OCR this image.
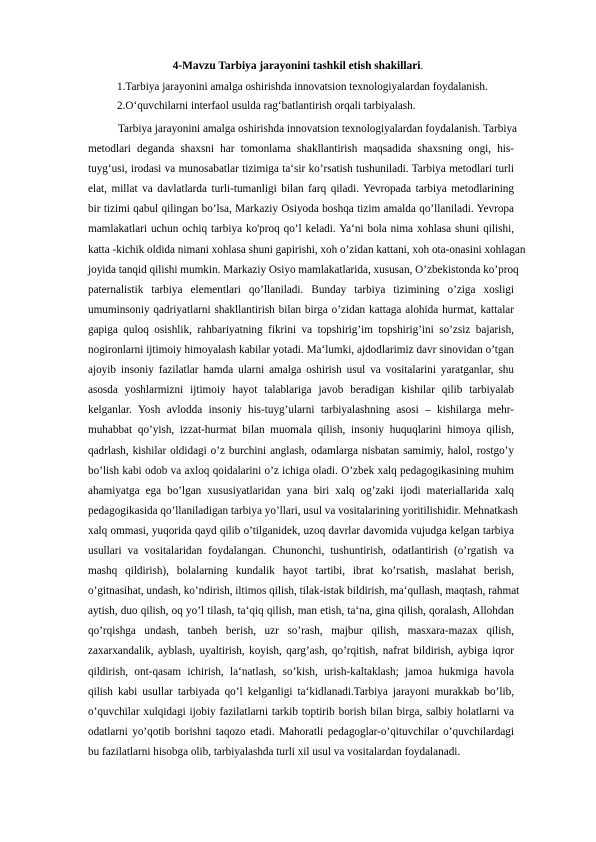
4-Mavzu Tarbiya jarayonini tashkil etish shakillari.
1.Tarbiya jarayonini amalga oshirishda innovatsion texnologiyalardan foydalanish.
2.O‘quvchilarni interfaol usulda rag‘batlantirish orqali tarbiyalash.
Tarbiya jarayonini amalga oshirishda innovatsion texnologiyalardan foydalanish. Tarbiya
metodlari deganda shaxsni har tomonlama shakllantirish maqsadida shaxsning ongi, his-
tuyg‘usi, irodasi va munosabatlar tizimiga ta‘sir ko’rsatish tushuniladi. Tarbiya metodlari turli
elat, millat va davlatlarda turli-tumanligi bilan farq qiladi. Yevropada tarbiya metodlarining
bir tizimi qabul qilingan bo’lsa, Markaziy Osiyoda boshqa tizim amalda qo’llaniladi. Yevropa
mamlakatlari uchun ochiq tarbiya ko'proq qo’l keladi. Ya‘ni bola nima xohlasa shuni qilishi,
katta -kichik oldida nimani xohlasa shuni gapirishi, xoh o’zidan kattani, xoh ota-onasini xohlagan
joyida tanqid qilishi mumkin. Markaziy Osiyo mamlakatlarida, xususan, O’zbekistonda ko’proq
paternalistik tarbiya elementlari qo’llaniladi. Bunday tarbiya tizimining o’ziga xosligi
umuminsoniy qadriyatlarni shakllantirish bilan birga o’zidan kattaga alohida hurmat, kattalar
gapiga quloq osishlik, rahbariyatning fikrini va topshirig’im topshirig’ini so’zsiz bajarish,
nogironlarni ijtimoiy himoyalash kabilar yotadi. Ma‘lumki, ajdodlarimiz davr sinovidan o’tgan
ajoyib insoniy fazilatlar hamda ularni amalga oshirish usul va vositalarini yaratganlar, shu
asosda yoshlarmizni ijtimoiy hayot talablariga javob beradigan kishilar qilib tarbiyalab
kelganlar. Yosh avlodda insoniy his-tuyg’ularni tarbiyalashning asosi – kishilarga mehr-
muhabbat qo’yish, izzat-hurmat bilan muomala qilish, insoniy huquqlarini himoya qilish,
qadrlash, kishilar oldidagi o’z burchini anglash, odamlarga nisbatan samimiy, halol, rostgo’y
bo’lish kabi odob va axloq qoidalarini o’z ichiga oladi. O’zbek xalq pedagogikasining muhim
ahamiyatga ega bo’lgan xususiyatlaridan yana biri xalq og’zaki ijodi materiallarida xalq
pedagogikasida qo’llaniladigan tarbiya yo’llari, usul va vositalarining yoritilishidir. Mehnatkash
xalq ommasi, yuqorida qayd qilib o’tilganidek, uzoq davrlar davomida vujudga kelgan tarbiya
usullari va vositalaridan foydalangan. Chunonchi, tushuntirish, odatlantirish (o’rgatish va
mashq qildirish), bolalarning kundalik hayot tartibi, ibrat ko’rsatish, maslahat berish,
o’gitnasihat, undash, ko’ndirish, iltimos qilish, tilak-istak bildirish, ma‘qullash, maqtash, rahmat
aytish, duo qilish, oq yo’l tilash, ta‘qiq qilish, man etish, ta‘na, gina qilish, qoralash, Allohdan
qo’rqishga undash, tanbeh berish, uzr so’rash, majbur qilish, masxara-mazax qilish,
zaxarxandalik, ayblash, uyaltirish, koyish, qarg’ash, qo’rqitish, nafrat bildirish, aybiga iqror
qildirish, ont-qasam ichirish, la‘natlash, so’kish, urish-kaltaklash; jamoa hukmiga havola
qilish kabi usullar tarbiyada qo’l kelganligi ta‘kidlanadi.Tarbiya jarayoni murakkab bo’lib,
o’quvchilar xulqidagi ijobiy fazilatlarni tarkib toptirib borish bilan birga, salbiy holatlarni va
odatlarni yo’qotib borishni taqozo etadi. Mahoratli pedagoglar-o’qituvchilar o’quvchilardagi
bu fazilatlarni hisobga olib, tarbiyalashda turli xil usul va vositalardan foydalanadi.
